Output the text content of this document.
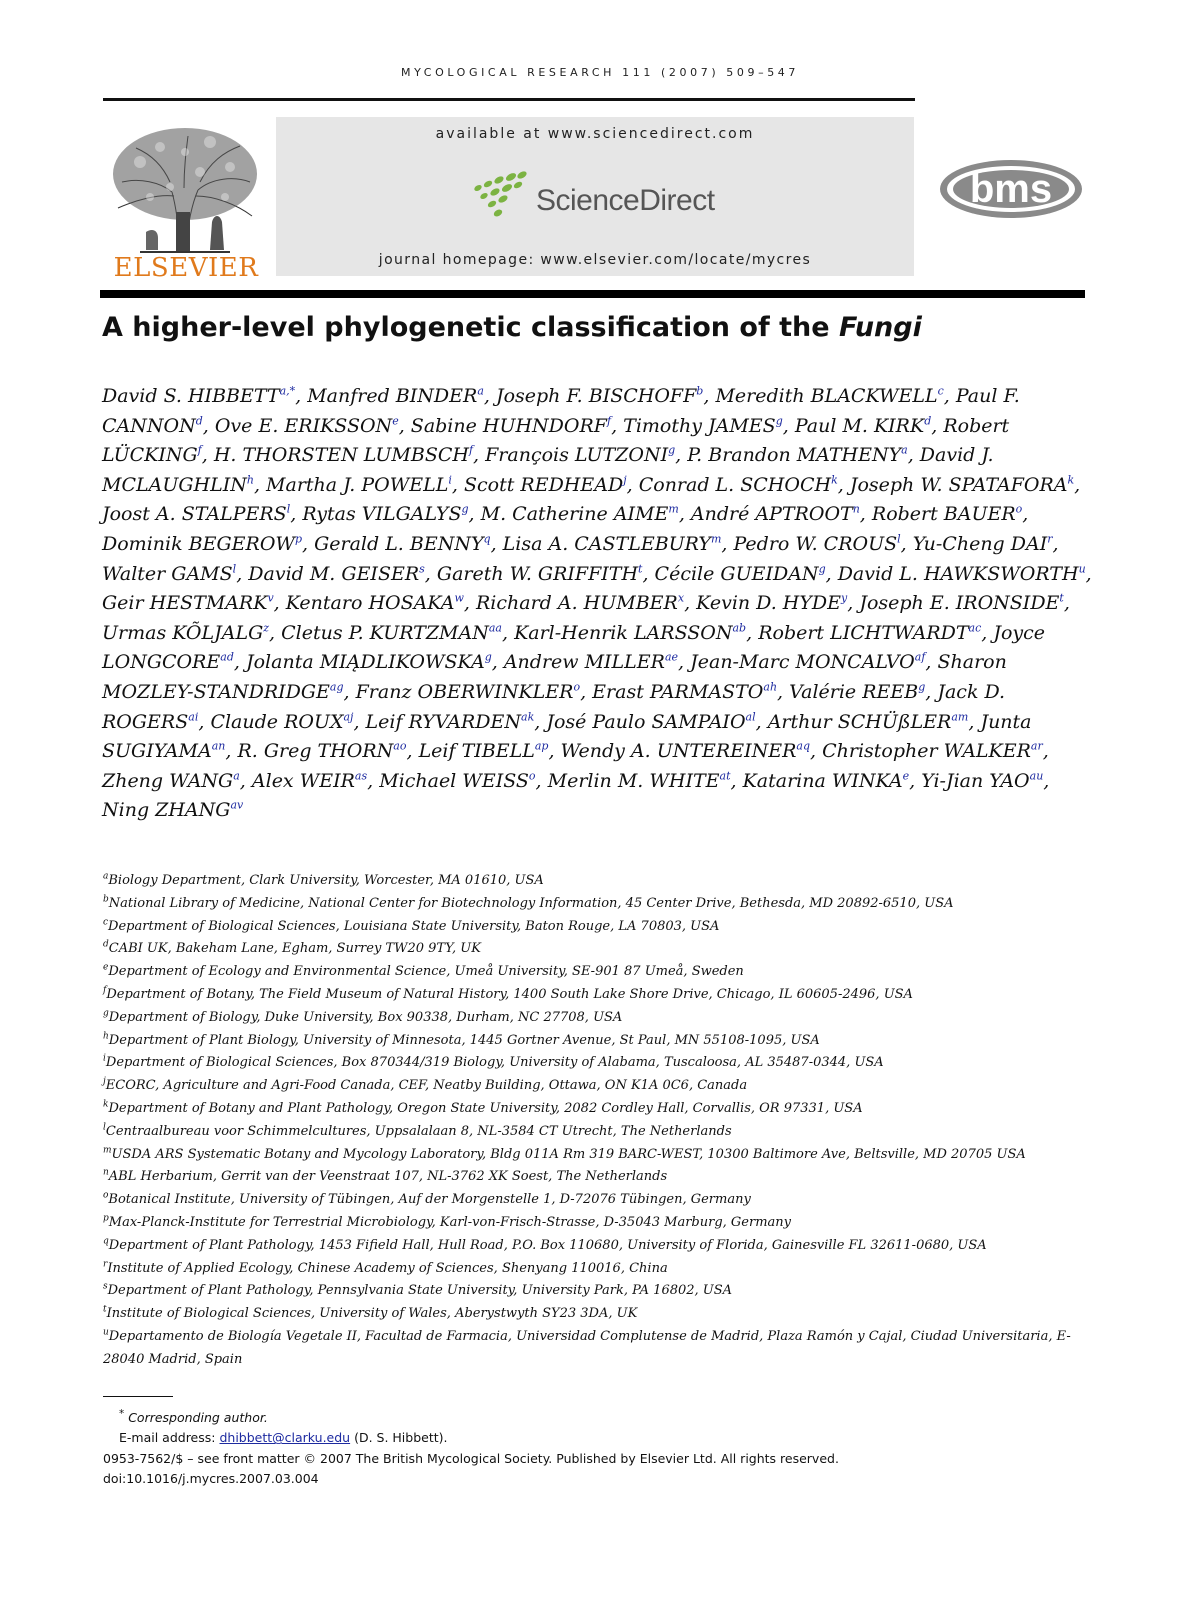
MYCOLOGICAL RESEARCH 111 (2007) 509–547
ELSEVIER
available at www.sciencedirect.com
ScienceDirect
journal homepage: www.elsevier.com/locate/mycres
bms
A higher-level phylogenetic classification of the Fungi
David S. $HIBBETT^{a,*}$, Manfred BINDER$^a$, Joseph F. BISCHOFF$^b$, Meredith BLACKWELL$^c$, Paul F. CANNON$^d$, Ove E. ERIKSSON$^e$, Sabine HUHNDORF$^f$, Timothy JAMES$^g$, Paul M. KIRK$^d$, Robert LÜCKING$^f$, H. THORSTEN LUMBSCH$^f$, François LUTZONI$^g$, P. Brandon MATHENY$^a$, David J. MCLAUGHLIN$^h$, Martha J. POWELL$^i$, Scott REDHEAD$^j$, Conrad L. SCHOCH$^k$, Joseph W. SPATAFORA$^k$, Joost A. STALPERS$^l$, Rytas VILGALYS$^g$, M. Catherine AIME$^m$, André APTROOT$^n$, Robert BAUER$^o$, Dominik BEGEROW$^p$, Gerald L. BENNY$^q$, Lisa A. CASTLEBURY$^m$, Pedro W. CROUS$^l$, Yu-Cheng DAI$^r$, Walter GAMS$^l$, David M. GEISER$^s$, Gareth W. GRIFFITH$^t$, Cécile GUEIDAN$^g$, David L. HAWKSWORTH$^u$, Geir HESTMARK$^v$, Kentaro HOSAKA$^w$, Richard A. HUMBER$^x$, Kevin D. HYDE$^y$, Joseph E. IRONSIDE$^t$, Urmas KÕLJALG$^z$, Cletus P. $KURTZMAN^{aa}$, Karl-Henrik $LARSSON^{ab}$, Robert $LICHTWARDT^{ac}$, Joyce $LONGCORE^{ad}$, Jolanta MIĄDLIKOWSKA$^g$, Andrew $MILLER^{ae}$, Jean-Marc $MONCALVO^{af}$, Sharon MOZLEY-$STANDRIDGE^{ag}$, Franz OBERWINKLER$^o$, Erast $PARMASTO^{ah}$, Valérie REEB$^g$, Jack D. $ROGERS^{ai}$, Claude $ROUX^{aj}$, Leif $RYVARDEN^{ak}$, José Paulo $SAMPAIO^{al}$, Arthur SCHÜßLER$^{am}$, Junta $SUGIYAMA^{an}$, R. Greg $THORN^{ao}$, Leif $TIBELL^{ap}$, Wendy A. $UNTEREINER^{aq}$, Christopher $WALKER^{ar}$, Zheng WANG$^a$, Alex $WEIR^{as}$, Michael WEISS$^o$, Merlin M. $WHITE^{at}$, Katarina WINKA$^e$, Yi-Jian $YAO^{au}$, Ning $ZHANG^{av}$
$^a$Biology Department, Clark University, Worcester, MA 01610, USA
$^b$National Library of Medicine, National Center for Biotechnology Information, 45 Center Drive, Bethesda, MD 20892-6510, USA
$^c$Department of Biological Sciences, Louisiana State University, Baton Rouge, LA 70803, USA
$^d$CABI UK, Bakeham Lane, Egham, Surrey TW20 9TY, UK
$^e$Department of Ecology and Environmental Science, Umeå University, SE-901 87 Umeå, Sweden
$^f$Department of Botany, The Field Museum of Natural History, 1400 South Lake Shore Drive, Chicago, IL 60605-2496, USA
$^g$Department of Biology, Duke University, Box 90338, Durham, NC 27708, USA
$^h$Department of Plant Biology, University of Minnesota, 1445 Gortner Avenue, St Paul, MN 55108-1095, USA
$^i$Department of Biological Sciences, Box 870344/319 Biology, University of Alabama, Tuscaloosa, AL 35487-0344, USA
$^j$ECORC, Agriculture and Agri-Food Canada, CEF, Neatby Building, Ottawa, ON K1A 0C6, Canada
$^k$Department of Botany and Plant Pathology, Oregon State University, 2082 Cordley Hall, Corvallis, OR 97331, USA
$^l$Centraalbureau voor Schimmelcultures, Uppsalalaan 8, NL-3584 CT Utrecht, The Netherlands
$^m$USDA ARS Systematic Botany and Mycology Laboratory, Bldg 011A Rm 319 BARC-WEST, 10300 Baltimore Ave, Beltsville, MD 20705 USA
$^n$ABL Herbarium, Gerrit van der Veenstraat 107, NL-3762 XK Soest, The Netherlands
$^o$Botanical Institute, University of Tübingen, Auf der Morgenstelle 1, D-72076 Tübingen, Germany
$^p$Max-Planck-Institute for Terrestrial Microbiology, Karl-von-Frisch-Strasse, D-35043 Marburg, Germany
$^q$Department of Plant Pathology, 1453 Fifield Hall, Hull Road, P.O. Box 110680, University of Florida, Gainesville FL 32611-0680, USA
$^r$Institute of Applied Ecology, Chinese Academy of Sciences, Shenyang 110016, China
$^s$Department of Plant Pathology, Pennsylvania State University, University Park, PA 16802, USA
$^t$Institute of Biological Sciences, University of Wales, Aberystwyth SY23 3DA, UK
$^u$Departamento de Biología Vegetale II, Facultad de Farmacia, Universidad Complutense de Madrid, Plaza Ramón y Cajal, Ciudad Universitaria, E-28040 Madrid, Spain
* Corresponding author.
E-mail address: dhibbett@clarku.edu (D. S. Hibbett).
0953-7562/$ – see front matter © 2007 The British Mycological Society. Published by Elsevier Ltd. All rights reserved.
doi:10.1016/j.mycres.2007.03.004
